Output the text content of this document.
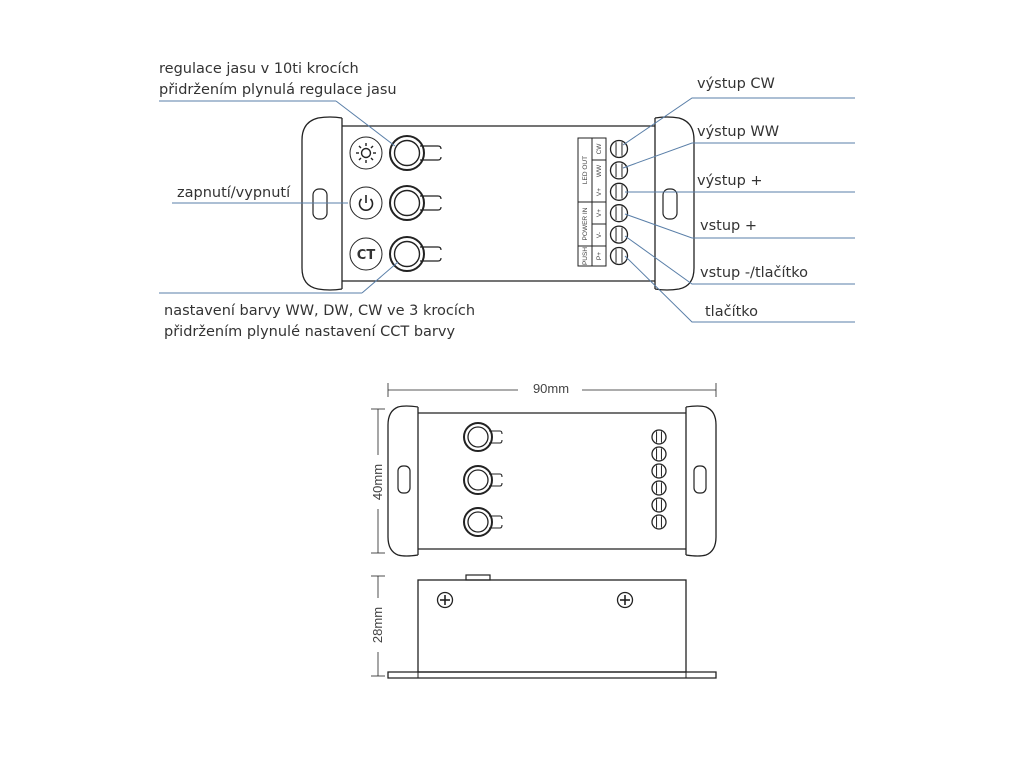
CT
LED OUT
POWER IN
PUSH
CW
WW
V+
V+
V-
P+
regulace jasu v 10ti krocích
přidržením plynulá regulace jasu
zapnutí/vypnutí
nastavení barvy WW, DW, CW ve 3 krocích
přidržením plynulé nastavení CCT barvy
výstup CW
výstup WW
výstup +
vstup +
vstup -/tlačítko
tlačítko
90mm
40mm
28mm
